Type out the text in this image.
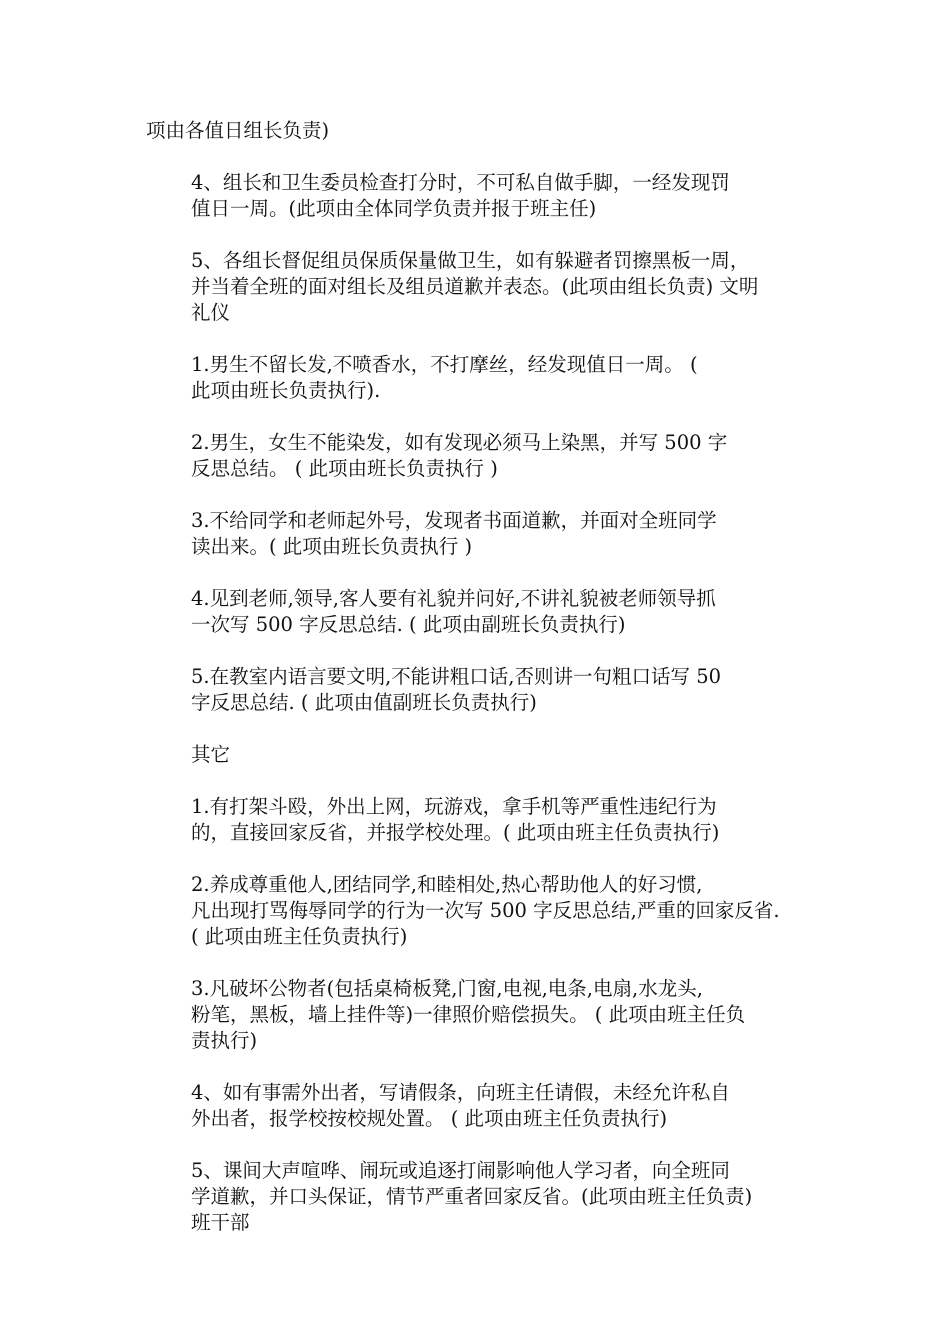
项由各值日组长负责)

4、组长和卫生委员检查打分时，不可私自做手脚，一经发现罚
值日一周。(此项由全体同学负责并报于班主任)

5、各组长督促组员保质保量做卫生，如有躲避者罚擦黑板一周，
并当着全班的面对组长及组员道歉并表态。(此项由组长负责) 文明
礼仪

1.男生不留长发,不喷香水，不打摩丝，经发现值日一周。 (
此项由班长负责执行).

2.男生，女生不能染发，如有发现必须马上染黑，并写 500 字
反思总结。 ( 此项由班长负责执行 )

3.不给同学和老师起外号，发现者书面道歉，并面对全班同学
读出来。( 此项由班长负责执行 )

4.见到老师,领导,客人要有礼貌并问好,不讲礼貌被老师领导抓
一次写 500 字反思总结. ( 此项由副班长负责执行)

5.在教室内语言要文明,不能讲粗口话,否则讲一句粗口话写 50
字反思总结. ( 此项由值副班长负责执行)

其它

1.有打架斗殴，外出上网，玩游戏，拿手机等严重性违纪行为
的，直接回家反省，并报学校处理。( 此项由班主任负责执行)

2.养成尊重他人,团结同学,和睦相处,热心帮助他人的好习惯,
凡出现打骂侮辱同学的行为一次写 500 字反思总结,严重的回家反省.
( 此项由班主任负责执行)

3.凡破坏公物者(包括桌椅板凳,门窗,电视,电条,电扇,水龙头,
粉笔，黑板，墙上挂件等)一律照价赔偿损失。 ( 此项由班主任负
责执行)

4、如有事需外出者，写请假条，向班主任请假，未经允许私自
外出者，报学校按校规处置。 ( 此项由班主任负责执行)

5、课间大声喧哗、闹玩或追逐打闹影响他人学习者，向全班同
学道歉，并口头保证，情节严重者回家反省。(此项由班主任负责)
班干部
